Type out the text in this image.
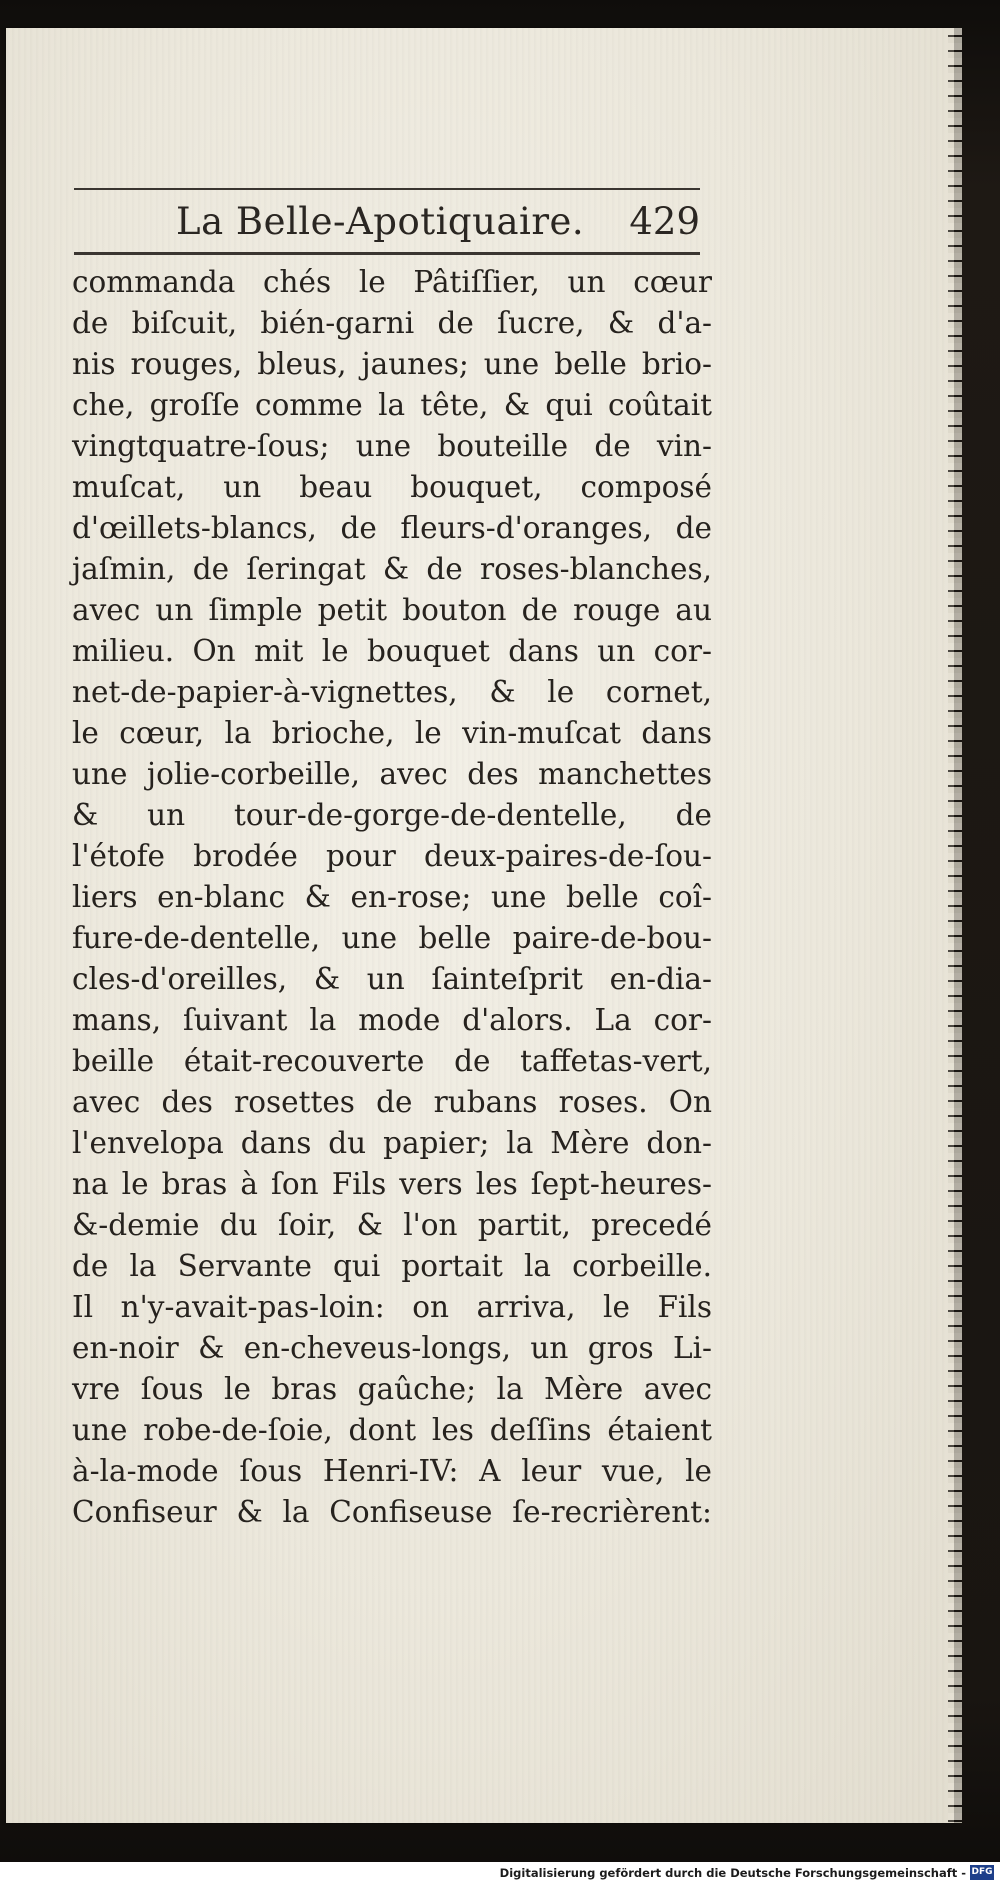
La Belle-Apotiquaire. 429
commanda chés le Pâtiſſier, un cœur
de biſcuit, bién-garni de ſucre, & d'a-
nis rouges, bleus, jaunes; une belle brio-
che, groſſe comme la tête, & qui coûtait
vingtquatre-ſous; une bouteille de vin-
muſcat, un beau bouquet, composé
d'œillets-blancs, de fleurs-d'oranges, de
jaſmin, de ſeringat & de roses-blanches,
avec un ſimple petit bouton de rouge au
milieu. On mit le bouquet dans un cor-
net-de-papier-à-vignettes, & le cornet,
le cœur, la brioche, le vin-muſcat dans
une jolie-corbeille, avec des manchettes
& un tour-de-gorge-de-dentelle, de
l'étofe brodée pour deux-paires-de-ſou-
liers en-blanc & en-rose; une belle coî-
fure-de-dentelle, une belle paire-de-bou-
cles-d'oreilles, & un ſainteſprit en-dia-
mans, ſuivant la mode d'alors. La cor-
beille était-recouverte de taffetas-vert,
avec des rosettes de rubans roses. On
l'envelopa dans du papier; la Mère don-
na le bras à ſon Fils vers les ſept-heures-
&-demie du ſoir, & l'on partit, precedé
de la Servante qui portait la corbeille.
Il n'y-avait-pas-loin: on arriva, le Fils
en-noir & en-cheveus-longs, un gros Li-
vre ſous le bras gaûche; la Mère avec
une robe-de-ſoie, dont les deſſins étaient
à-la-mode ſous Henri-IV: A leur vue, le
Confiseur & la Confiseuse ſe-recrièrent:
Digitalisierung gefördert durch die Deutsche Forschungsgemeinschaft - DFG
